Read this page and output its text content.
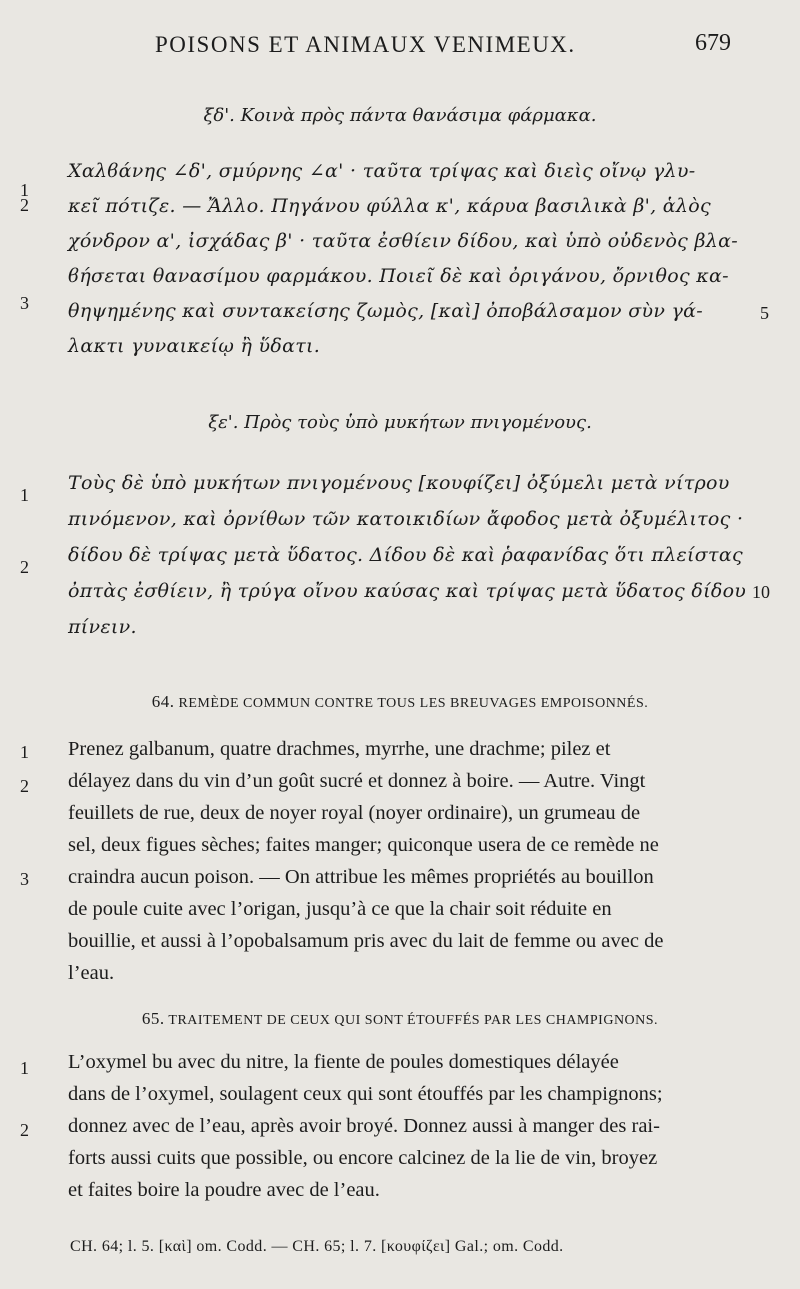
POISONS ET ANIMAUX VENIMEUX.	679
ξδ'. Κοινὰ πρὸς πάντα θανάσιμα φάρμακα.
Χαλϐάνης ∠δ', σμύρνης ∠α' · ταῦτα τρίψας καὶ διεὶς οἴνῳ γλυ-
κεῖ πότιζε. — Ἄλλο. Πηγάνου φύλλα κ', κάρυα βασιλικὰ β', ἁλὸς
χόνδρον α', ἰσχάδας β' · ταῦτα ἐσθίειν δίδου, καὶ ὑπὸ οὐδενὸς βλα-
ϐήσεται θανασίμου φαρμάκου. Ποιεῖ δὲ καὶ ὀριγάνου, ὄρνιθος κα-
θηψημένης καὶ συντακείσης ζωμὸς, [καὶ] ὀποβάλσαμον σὺν γά-
λακτι γυναικείῳ ἢ ὕδατι.
1
2
3	5
ξε'. Πρὸς τοὺς ὑπὸ μυκήτων πνιγομένους.
Τοὺς δὲ ὑπὸ μυκήτων πνιγομένους [κουφίζει] ὀξύμελι μετὰ νίτρου
πινόμενον, καὶ ὀρνίθων τῶν κατοικιδίων ἄφοδος μετὰ ὀξυμέλιτος ·
δίδου δὲ τρίψας μετὰ ὕδατος. Δίδου δὲ καὶ ῥαφανίδας ὅτι πλείστας
ὀπτὰς ἐσθίειν, ἢ τρύγα οἴνου καύσας καὶ τρίψας μετὰ ὕδατος δίδου
πίνειν.
1
2
10
64. REMÈDE COMMUN CONTRE TOUS LES BREUVAGES EMPOISONNÉS.
Prenez galbanum, quatre drachmes, myrrhe, une drachme; pilez et
délayez dans du vin d’un goût sucré et donnez à boire. — Autre. Vingt
feuillets de rue, deux de noyer royal (noyer ordinaire), un grumeau de
sel, deux figues sèches; faites manger; quiconque usera de ce remède ne
craindra aucun poison. — On attribue les mêmes propriétés au bouillon
de poule cuite avec l’origan, jusqu’à ce que la chair soit réduite en
bouillie, et aussi à l’opobalsamum pris avec du lait de femme ou avec de
l’eau.
1
2
3
65. TRAITEMENT DE CEUX QUI SONT ÉTOUFFÉS PAR LES CHAMPIGNONS.
L’oxymel bu avec du nitre, la fiente de poules domestiques délayée
dans de l’oxymel, soulagent ceux qui sont étouffés par les champignons;
donnez avec de l’eau, après avoir broyé. Donnez aussi à manger des rai-
forts aussi cuits que possible, ou encore calcinez de la lie de vin, broyez
et faites boire la poudre avec de l’eau.
1
2
CH. 64; l. 5. [καὶ] om. Codd. — CH. 65; l. 7. [κουφίζει] Gal.; om. Codd.
